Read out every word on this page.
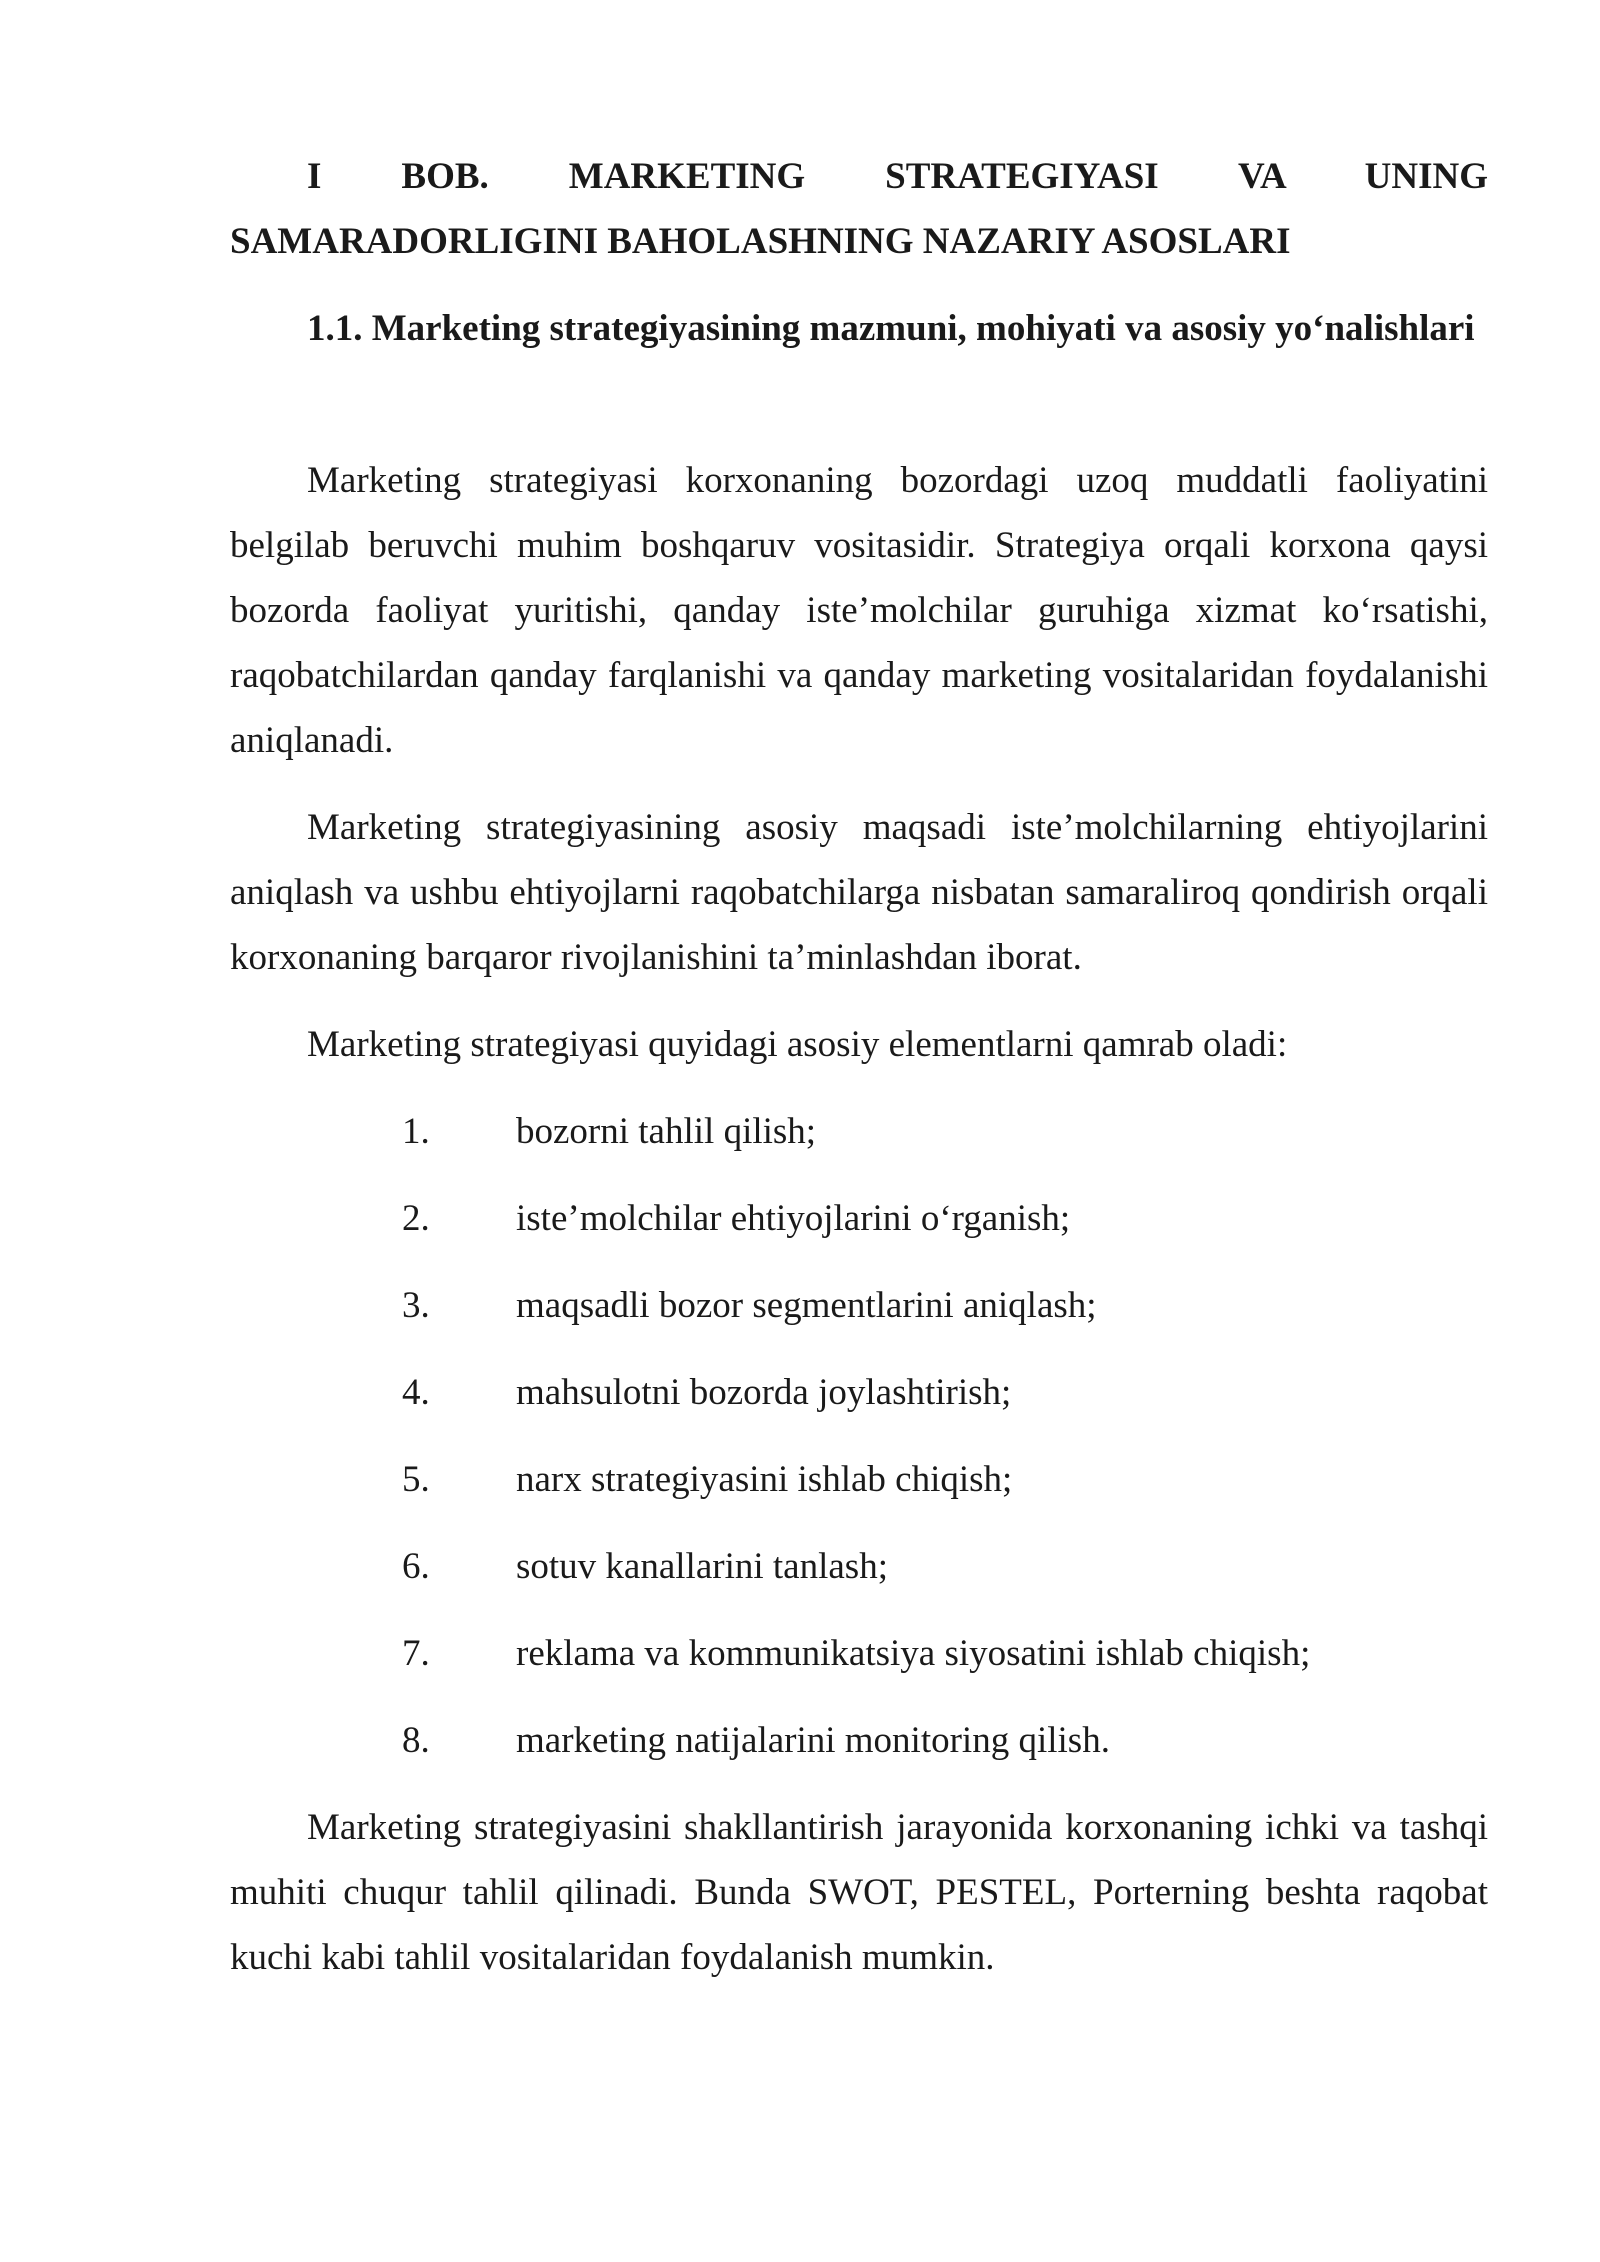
I BOB. MARKETING STRATEGIYASI VA UNING SAMARADORLIGINI BAHOLASHNING NAZARIY ASOSLARI
1.1. Marketing strategiyasining mazmuni, mohiyati va asosiy yo‘nalishlari
Marketing strategiyasi korxonaning bozordagi uzoq muddatli faoliyatini belgilab beruvchi muhim boshqaruv vositasidir. Strategiya orqali korxona qaysi bozorda faoliyat yuritishi, qanday iste’molchilar guruhiga xizmat ko‘rsatishi, raqobatchilardan qanday farqlanishi va qanday marketing vositalaridan foydalanishi aniqlanadi.
Marketing strategiyasining asosiy maqsadi iste’molchilarning ehtiyojlarini aniqlash va ushbu ehtiyojlarni raqobatchilarga nisbatan samaraliroq qondirish orqali korxonaning barqaror rivojlanishini ta’minlashdan iborat.
Marketing strategiyasi quyidagi asosiy elementlarni qamrab oladi:
1.	bozorni tahlil qilish;
2.	iste’molchilar ehtiyojlarini o‘rganish;
3.	maqsadli bozor segmentlarini aniqlash;
4.	mahsulotni bozorda joylashtirish;
5.	narx strategiyasini ishlab chiqish;
6.	sotuv kanallarini tanlash;
7.	reklama va kommunikatsiya siyosatini ishlab chiqish;
8.	marketing natijalarini monitoring qilish.
Marketing strategiyasini shakllantirish jarayonida korxonaning ichki va tashqi muhiti chuqur tahlil qilinadi. Bunda SWOT, PESTEL, Porterning beshta raqobat kuchi kabi tahlil vositalaridan foydalanish mumkin.
